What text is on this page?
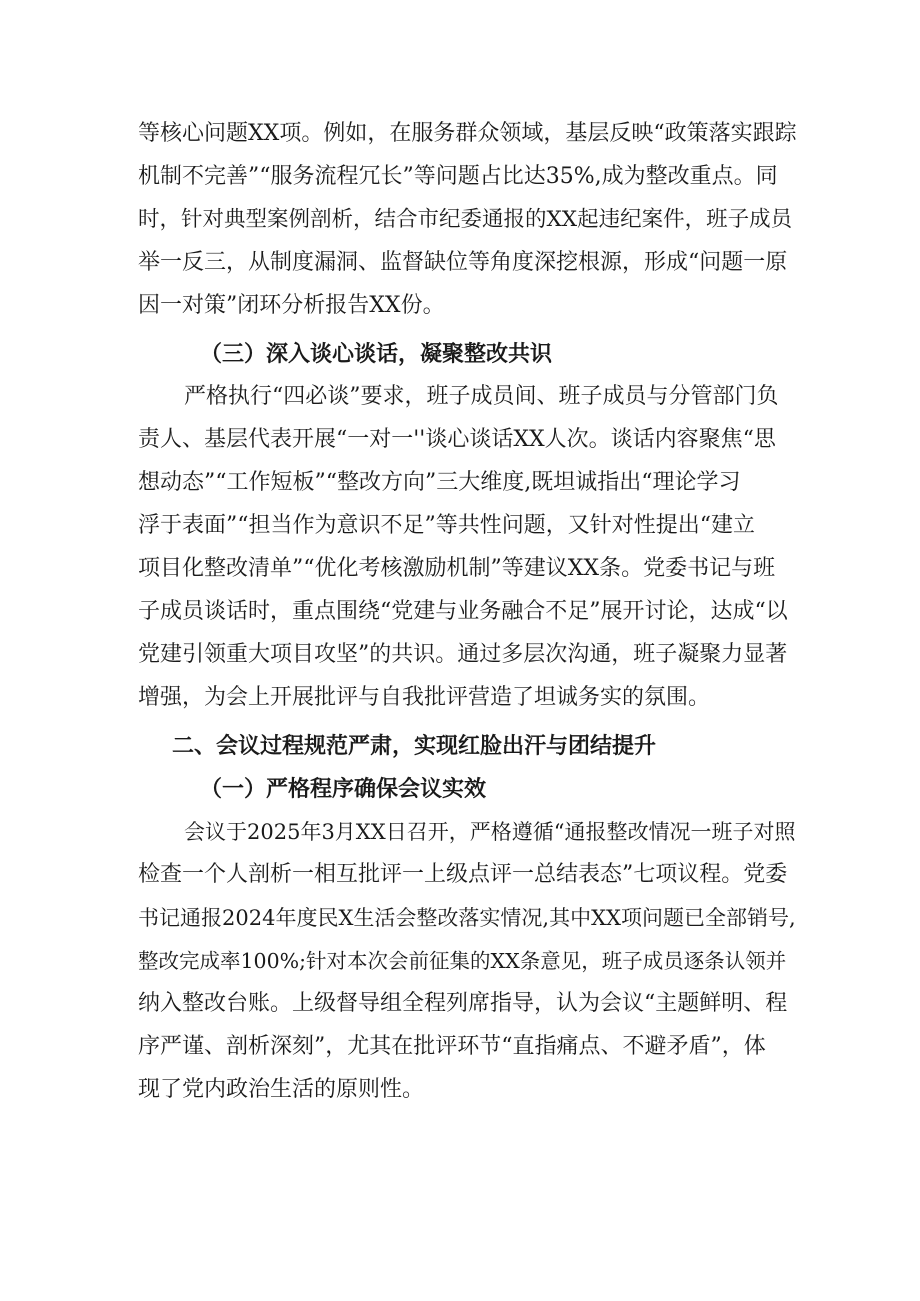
等核心问题XX项。例如，在服务群众领域，基层反映“政策落实跟踪
机制不完善”“服务流程冗长”等问题占比达35%,成为整改重点。同
时，针对典型案例剖析，结合市纪委通报的XX起违纪案件，班子成员
举一反三，从制度漏洞、监督缺位等角度深挖根源，形成“问题一原
因一对策”闭环分析报告XX份。
（三）深入谈心谈话，凝聚整改共识
严格执行“四必谈”要求，班子成员间、班子成员与分管部门负
责人、基层代表开展“一对一''谈心谈话XX人次。谈话内容聚焦“思
想动态”“工作短板”“整改方向”三大维度,既坦诚指出“理论学习
浮于表面”“担当作为意识不足”等共性问题，又针对性提出“建立
项目化整改清单”“优化考核激励机制”等建议XX条。党委书记与班
子成员谈话时，重点围绕“党建与业务融合不足”展开讨论，达成“以
党建引领重大项目攻坚”的共识。通过多层次沟通，班子凝聚力显著
增强，为会上开展批评与自我批评营造了坦诚务实的氛围。
二、会议过程规范严肃，实现红脸出汗与团结提升
（一）严格程序确保会议实效
会议于2025年3月XX日召开，严格遵循“通报整改情况一班子对照
检查一个人剖析一相互批评一上级点评一总结表态”七项议程。党委
书记通报2024年度民X生活会整改落实情况,其中XX项问题已全部销号,
整改完成率100%;针对本次会前征集的XX条意见，班子成员逐条认领并
纳入整改台账。上级督导组全程列席指导，认为会议“主题鲜明、程
序严谨、剖析深刻”，尤其在批评环节“直指痛点、不避矛盾”，体
现了党内政治生活的原则性。
